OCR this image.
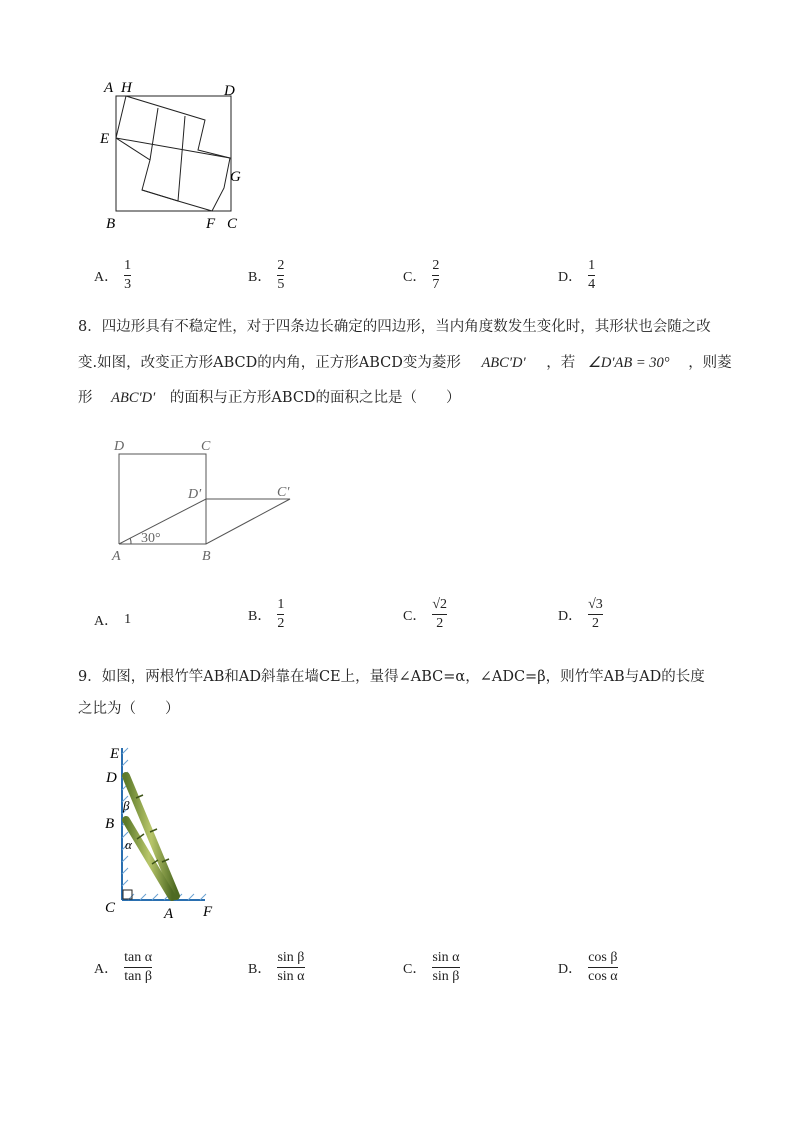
A H	D
E
G
B	F C
A． $\frac{1}{3}$	B． $\frac{2}{5}$	C． $\frac{2}{7}$	D． $\frac{1}{4}$
8．四边形具有不稳定性，对于四条边长确定的四边形，当内角度数发生变化时，其形状也会随之改
变.如图，改变正方形ABCD的内角，正方形ABCD变为菱形 ABC′D′ ，若 ∠D′AB = 30° ，则菱
形 ABC′D′ 的面积与正方形ABCD的面积之比是（　　）
D	C
D′	C′
30°
A	B
A． 1	B． $\frac{1}{2}$	C． $\frac{√2}{2}$	D． $\frac{√3}{2}$
9．如图，两根竹竿AB和AD斜靠在墙CE上，量得∠ABC=α，∠ADC=β，则竹竿AB与AD的长度
之比为（　　）
E
D
β
B
α
C	A F
A． $\frac{\text{tan α}}{\text{tan β}}$	B． $\frac{\text{sin β}}{\text{sin α}}$	C． $\frac{\text{sin α}}{\text{sin β}}$	D． $\frac{\text{cos β}}{\text{cos α}}$
